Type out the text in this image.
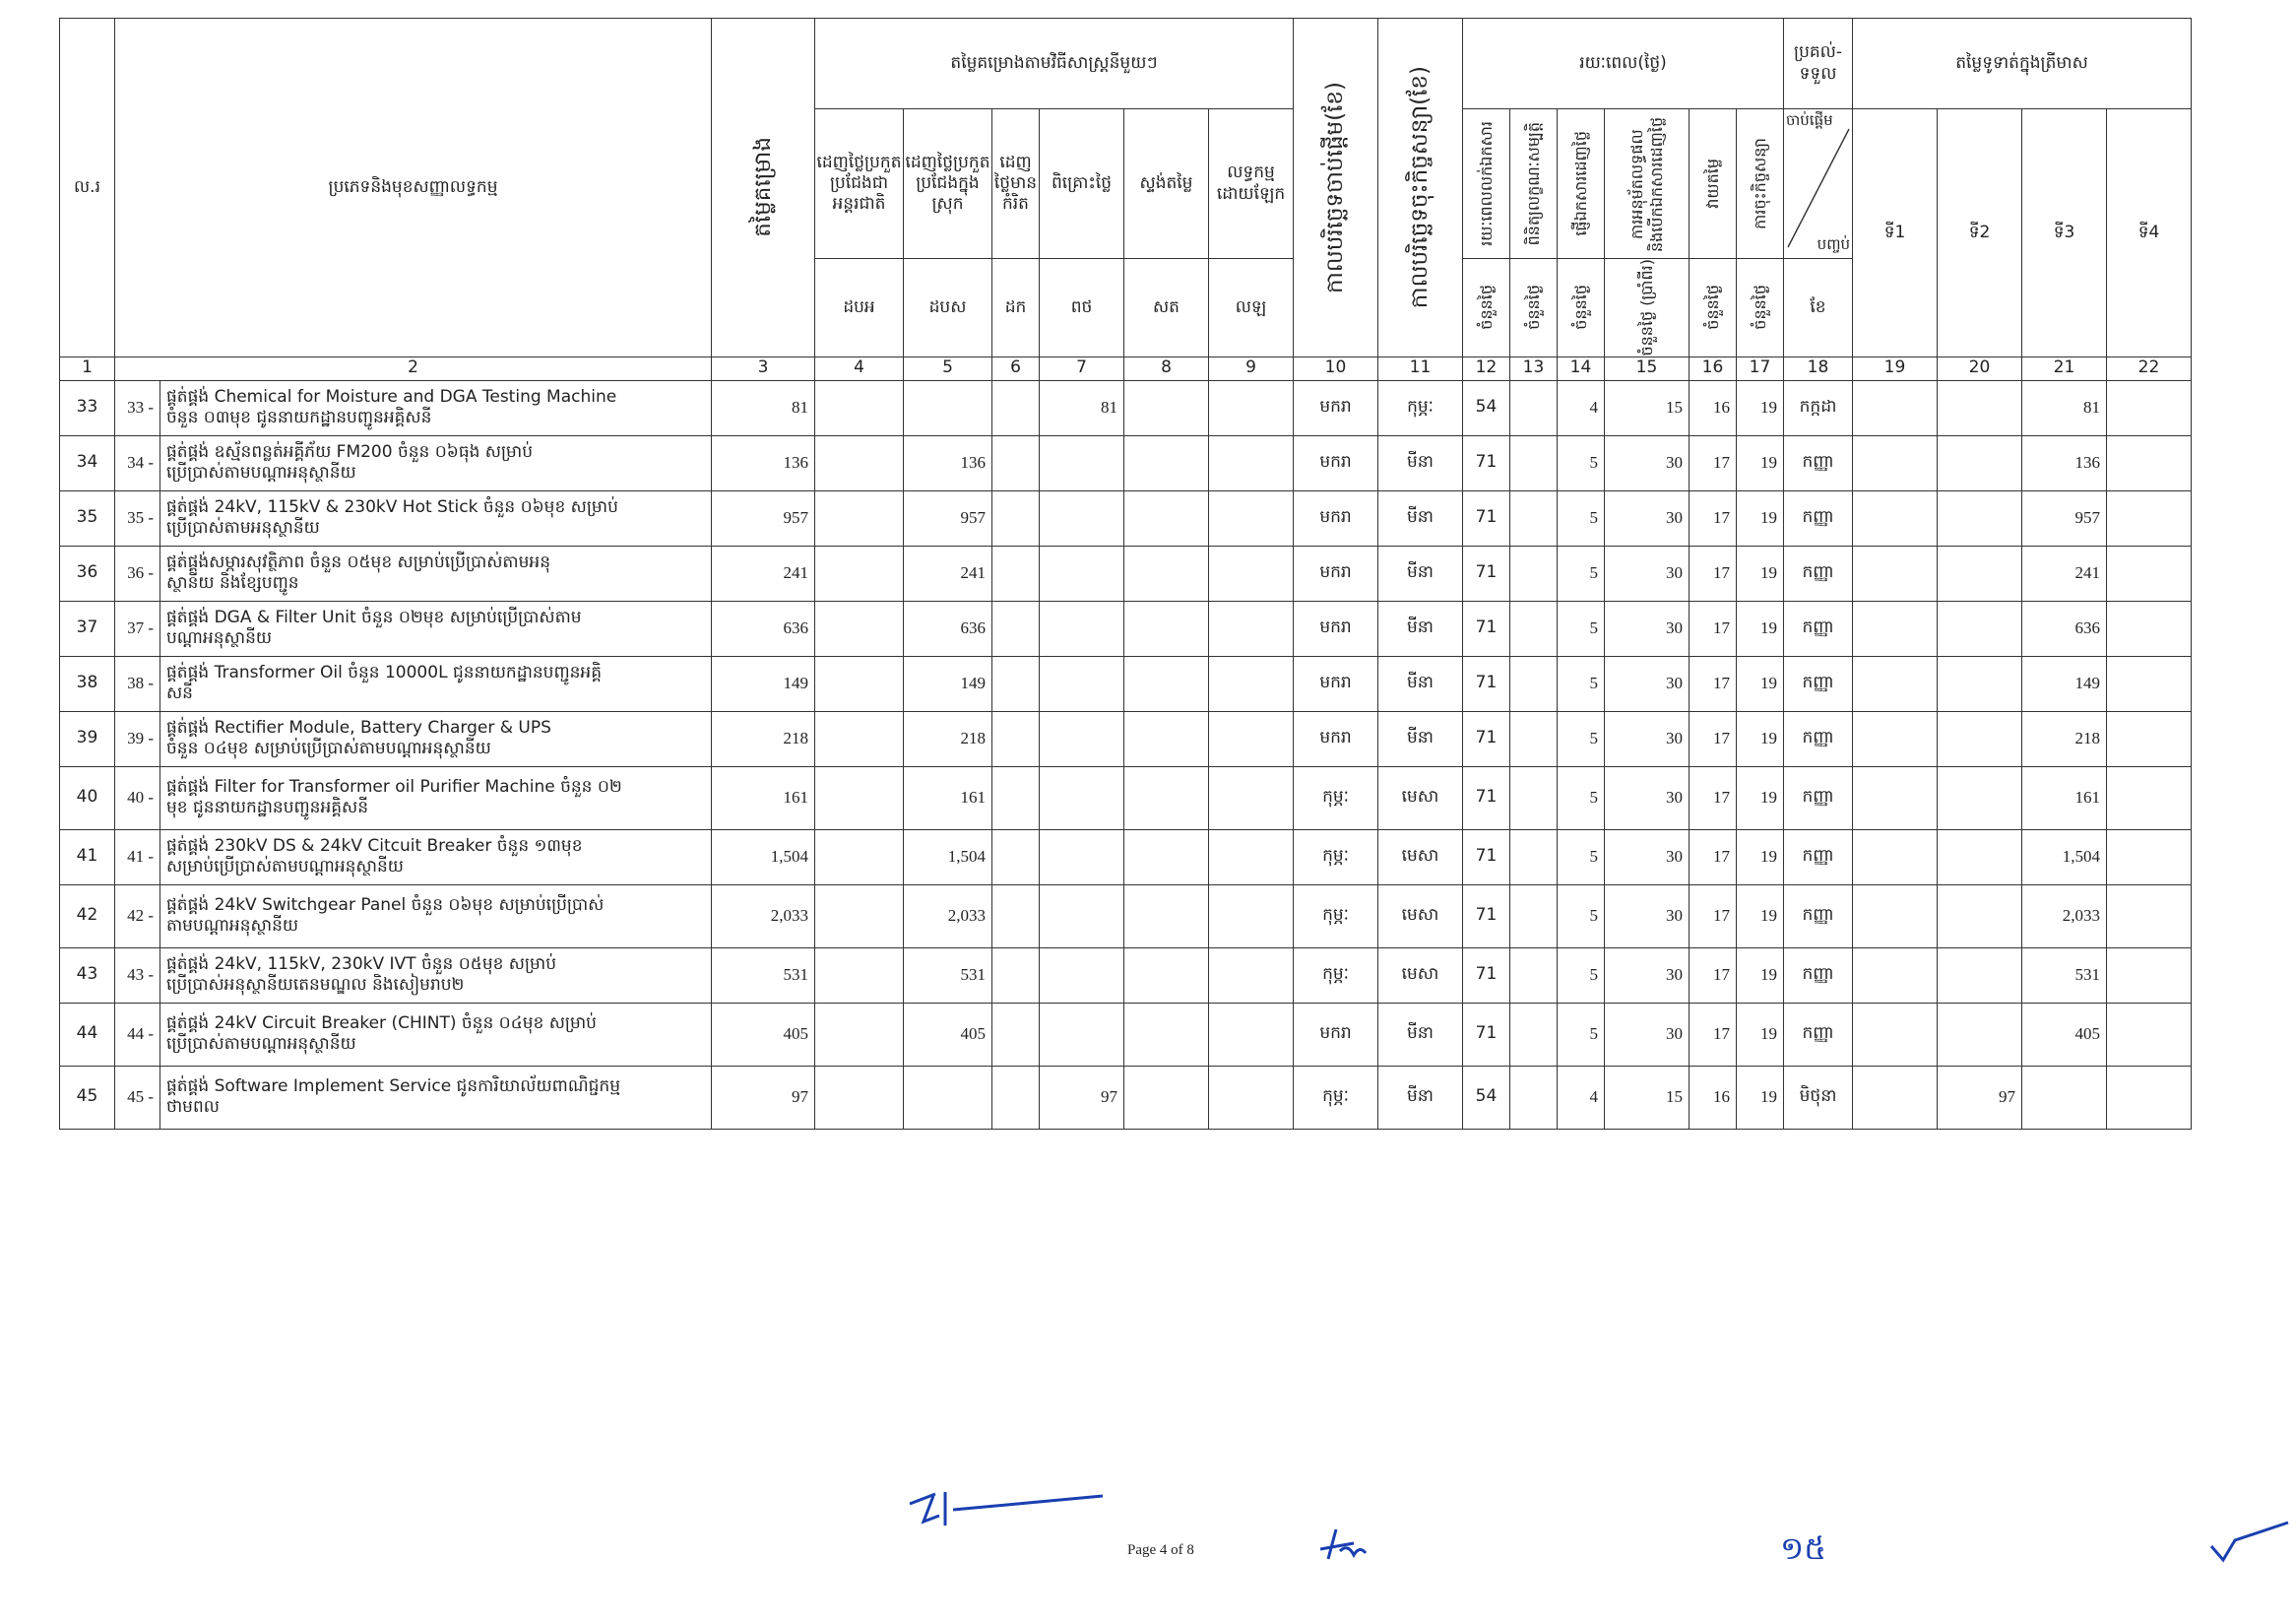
ល.រ	ប្រភេទនិងមុខសញ្ញាលទ្ធកម្ម		តម្លៃគម្រោង	តម្លៃគម្រោងតាមវិធីសាស្ត្រនីមួយៗ						កាលបរិច្ឆេទចាប់ផ្តើម(ខែ)	កាលបរិច្ឆេទចុះកិច្ចសន្យា(ខែ)	រយៈពេល(ថ្ងៃ)						ប្រគល់-ទទួល	តម្លៃទូទាត់ក្នុងត្រីមាស			
				ដេញថ្លៃប្រកួតប្រជែងជាអន្តរជាតិ	ដេញថ្លៃប្រកួតប្រជែងក្នុងស្រុក	ដេញថ្លៃមានកំរិត	ពិគ្រោះថ្លៃ	ស្ទង់តម្លៃ	លទ្ធកម្មដោយឡែក			រយៈពេលលក់ឯកសារ	ពិនិត្យលក្ខណៈសម្បត្តិ	ផ្ញើឯកសារដេញថ្លៃ	ការអនុម័តលទ្ធផលនិងបើកឯកសារដេញថ្លៃ	វាយតម្លៃ	ការចុះកិច្ចសន្យា	ចាប់ផ្តើម
បញ្ចប់	ទី1	ទី2	ទី3	ទី4
				ដបអ	ដបស	ដក	ពថ	សត	លឡ			ចំនួនថ្ងៃ	ចំនួនថ្ងៃ	ចំនួនថ្ងៃ	ចំនួនថ្ងៃ (ប្រាំពីរ)	ចំនួនថ្ងៃ	ចំនួនថ្ងៃ	ខែ				
1	2		3	4	5	6	7	8	9	10	11	12	13	14	15	16	17	18	19	20	21	22
33	33 -	ផ្គត់ផ្គង់ Chemical for Moisture and DGA Testing Machine
ចំនួន ០៣មុខ ជូននាយកដ្ឋានបញ្ជូនអគ្គិសនី	81				81			មករា	កុម្ភៈ	54		4	15	16	19	កក្កដា			81	
34	34 -	ផ្គត់ផ្គង់ ឧស្ម័នពន្លត់អគ្គីភ័យ FM200 ចំនួន ០៦ធុង សម្រាប់
ប្រើប្រាស់តាមបណ្តាអនុស្ថានីយ	136		136					មករា	មីនា	71		5	30	17	19	កញ្ញា			136	
35	35 -	ផ្គត់ផ្គង់ 24kV, 115kV & 230kV Hot Stick ចំនួន ០៦មុខ សម្រាប់
ប្រើប្រាស់តាមអនុស្ថានីយ	957		957					មករា	មីនា	71		5	30	17	19	កញ្ញា			957	
36	36 -	ផ្គត់ផ្គង់សម្ភារសុវត្ថិភាព ចំនួន ០៥មុខ សម្រាប់ប្រើប្រាស់តាមអនុ
ស្ថានីយ និងខ្សែបញ្ជូន	241		241					មករា	មីនា	71		5	30	17	19	កញ្ញា			241	
37	37 -	ផ្គត់ផ្គង់ DGA & Filter Unit ចំនួន ០២មុខ សម្រាប់ប្រើប្រាស់តាម
បណ្តាអនុស្ថានីយ	636		636					មករា	មីនា	71		5	30	17	19	កញ្ញា			636	
38	38 -	ផ្គត់ផ្គង់ Transformer Oil ចំនួន 10000L ជូននាយកដ្ឋានបញ្ជូនអគ្គិ
សនី	149		149					មករា	មីនា	71		5	30	17	19	កញ្ញា			149	
39	39 -	ផ្គត់ផ្គង់ Rectifier Module, Battery Charger & UPS
ចំនួន ០៤មុខ សម្រាប់ប្រើប្រាស់តាមបណ្តាអនុស្ថានីយ	218		218					មករា	មីនា	71		5	30	17	19	កញ្ញា			218	
40	40 -	ផ្គត់ផ្គង់ Filter for Transformer oil Purifier Machine ចំនួន ០២
មុខ ជូននាយកដ្ឋានបញ្ជូនអគ្គិសនី	161		161					កុម្ភៈ	មេសា	71		5	30	17	19	កញ្ញា			161	
41	41 -	ផ្គត់ផ្គង់ 230kV DS & 24kV Citcuit Breaker ចំនួន ១៣មុខ
សម្រាប់ប្រើប្រាស់តាមបណ្តាអនុស្ថានីយ	1,504		1,504					កុម្ភៈ	មេសា	71		5	30	17	19	កញ្ញា			1,504	
42	42 -	ផ្គត់ផ្គង់ 24kV Switchgear Panel ចំនួន ០៦មុខ សម្រាប់ប្រើប្រាស់
តាមបណ្តាអនុស្ថានីយ	2,033		2,033					កុម្ភៈ	មេសា	71		5	30	17	19	កញ្ញា			2,033	
43	43 -	ផ្គត់ផ្គង់ 24kV, 115kV, 230kV IVT ចំនួន ០៥មុខ សម្រាប់
ប្រើប្រាស់អនុស្ថានីយតេនមណ្ឌល និងសៀមរាប២	531		531					កុម្ភៈ	មេសា	71		5	30	17	19	កញ្ញា			531	
44	44 -	ផ្គត់ផ្គង់ 24kV Circuit Breaker (CHINT) ចំនួន ០៤មុខ សម្រាប់
ប្រើប្រាស់តាមបណ្តាអនុស្ថានីយ	405		405					មករា	មីនា	71		5	30	17	19	កញ្ញា			405	
45	45 -	ផ្គត់ផ្គង់ Software Implement Service ជូនការិយាល័យពាណិជ្ជកម្ម
ថាមពល	97				97			កុម្ភៈ	មីនា	54		4	15	16	19	មិថុនា		97		
Page 4 of 8	១៥
